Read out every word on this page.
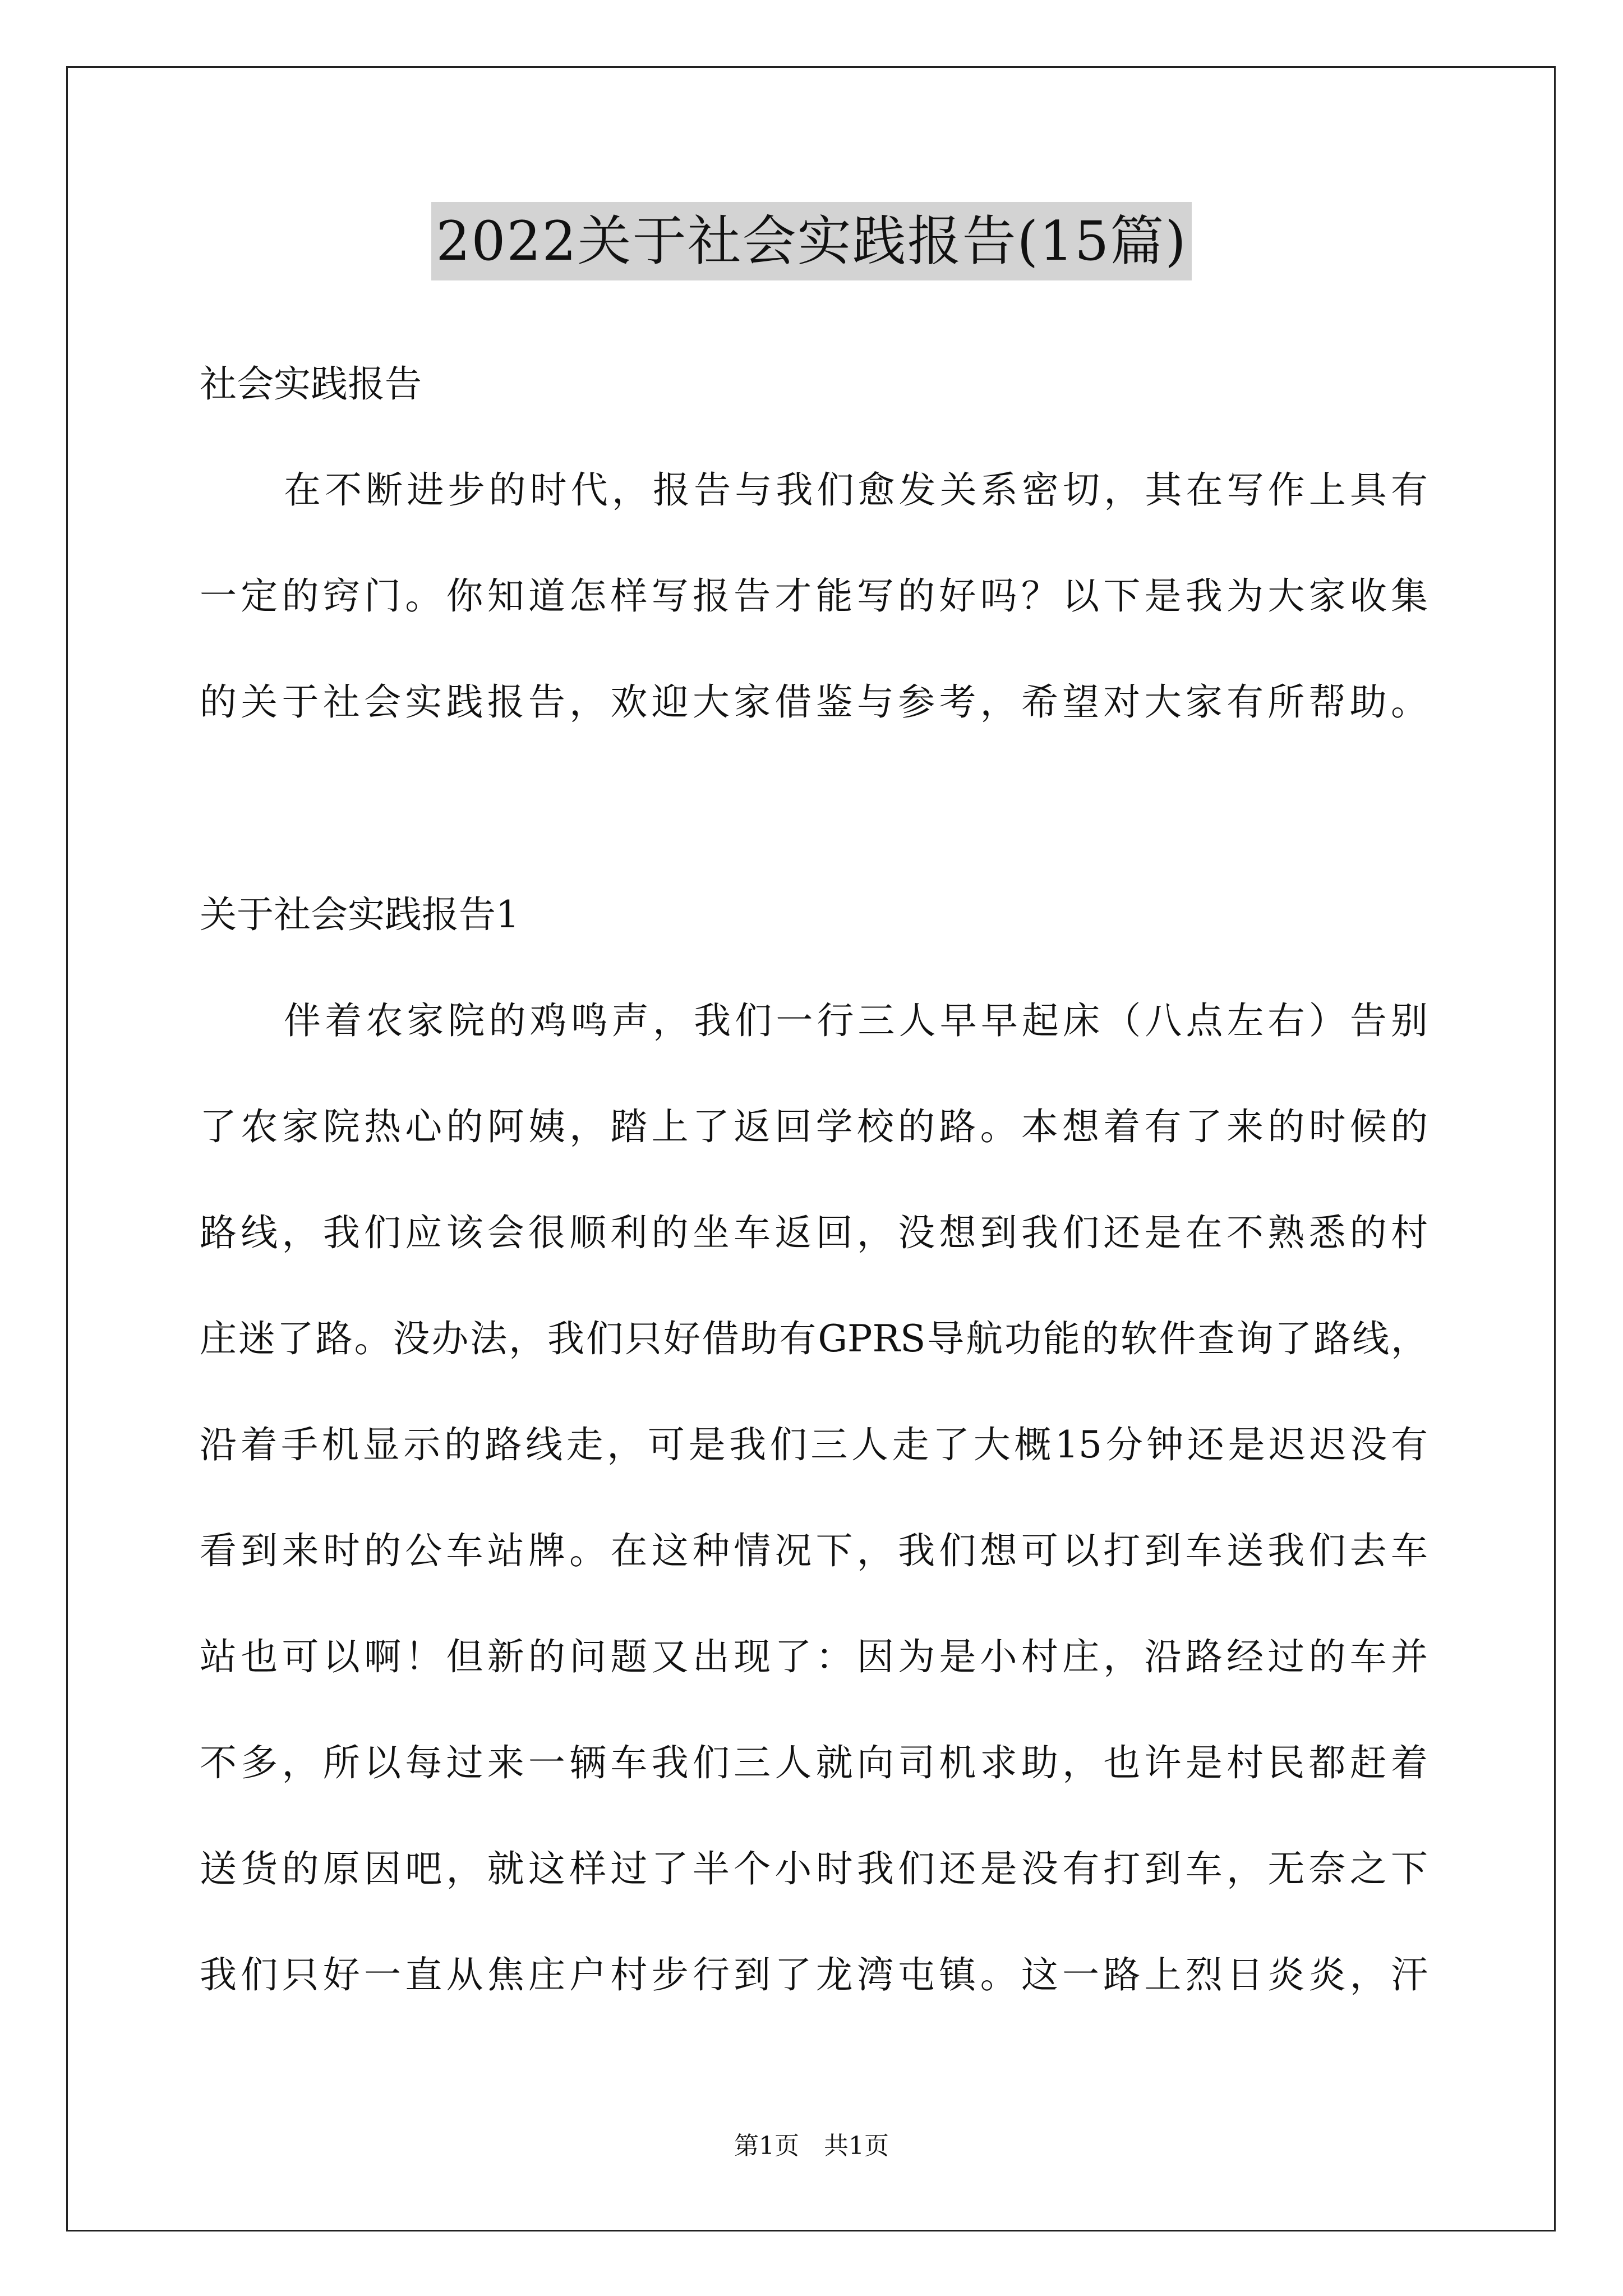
2022关于社会实践报告(15篇)
社会实践报告
在不断进步的时代，报告与我们愈发关系密切，其在写作上具有
一定的窍门。你知道怎样写报告才能写的好吗？以下是我为大家收集
的关于社会实践报告，欢迎大家借鉴与参考，希望对大家有所帮助。
关于社会实践报告1
伴着农家院的鸡鸣声，我们一行三人早早起床（八点左右）告别
了农家院热心的阿姨，踏上了返回学校的路。本想着有了来的时候的
路线，我们应该会很顺利的坐车返回，没想到我们还是在不熟悉的村
庄迷了路。没办法，我们只好借助有GPRS导航功能的软件查询了路线，
沿着手机显示的路线走，可是我们三人走了大概15分钟还是迟迟没有
看到来时的公车站牌。在这种情况下，我们想可以打到车送我们去车
站也可以啊！但新的问题又出现了：因为是小村庄，沿路经过的车并
不多，所以每过来一辆车我们三人就向司机求助，也许是村民都赶着
送货的原因吧，就这样过了半个小时我们还是没有打到车，无奈之下
我们只好一直从焦庄户村步行到了龙湾屯镇。这一路上烈日炎炎，汗
第1页　共1页
